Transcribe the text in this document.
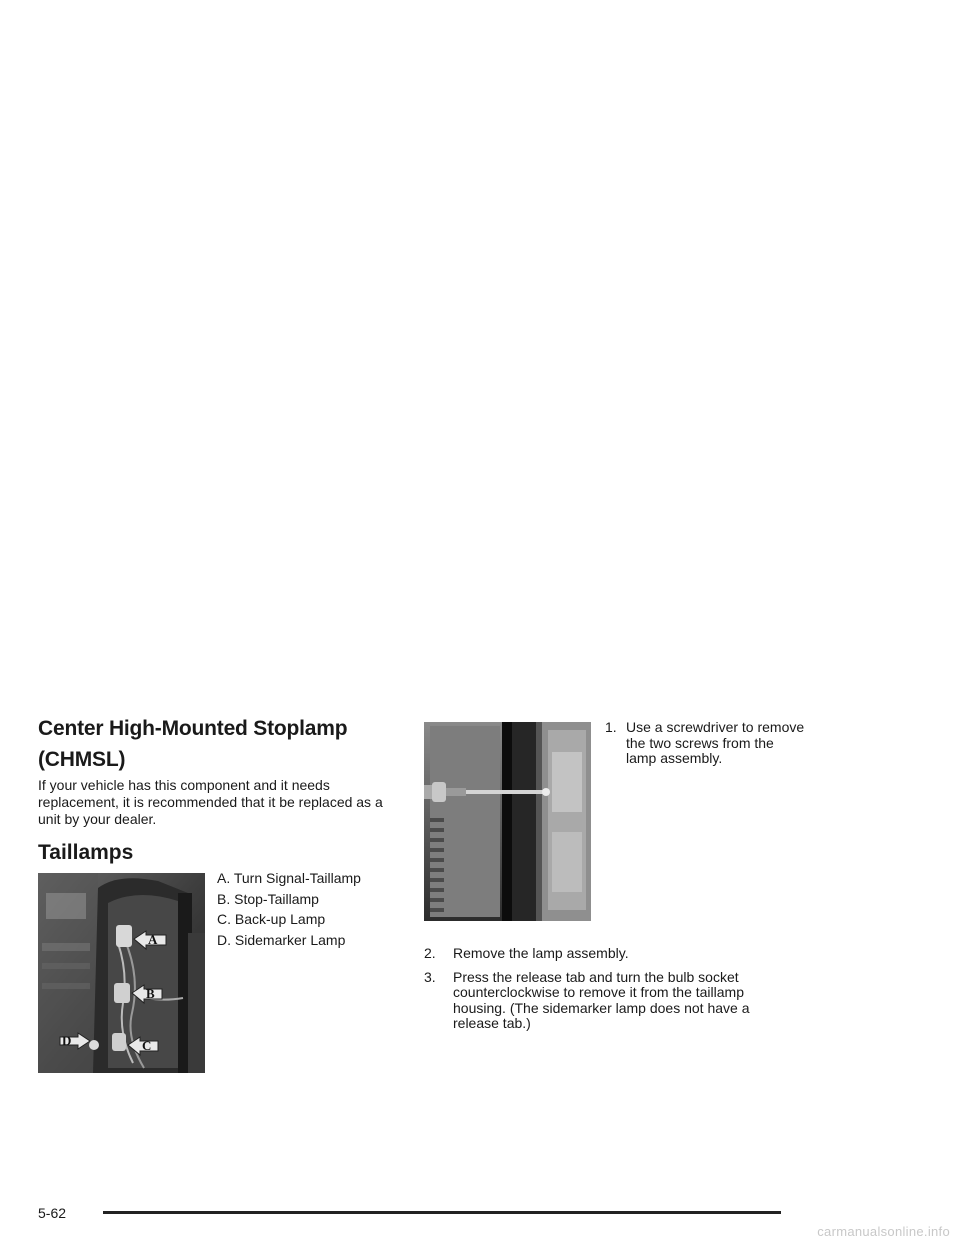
Center High-Mounted Stoplamp (CHMSL)

If your vehicle has this component and it needs replacement, it is recommended that it be replaced as a unit by your dealer.

Taillamps
A
B
C
D
A. Turn Signal-Taillamp
B. Stop-Taillamp
C. Back-up Lamp
D. Sidemarker Lamp
1. Use a screwdriver to remove the two screws from the lamp assembly.
2. Remove the lamp assembly.
3. Press the release tab and turn the bulb socket counterclockwise to remove it from the taillamp housing. (The sidemarker lamp does not have a release tab.)
5-62
carmanualsonline.info
